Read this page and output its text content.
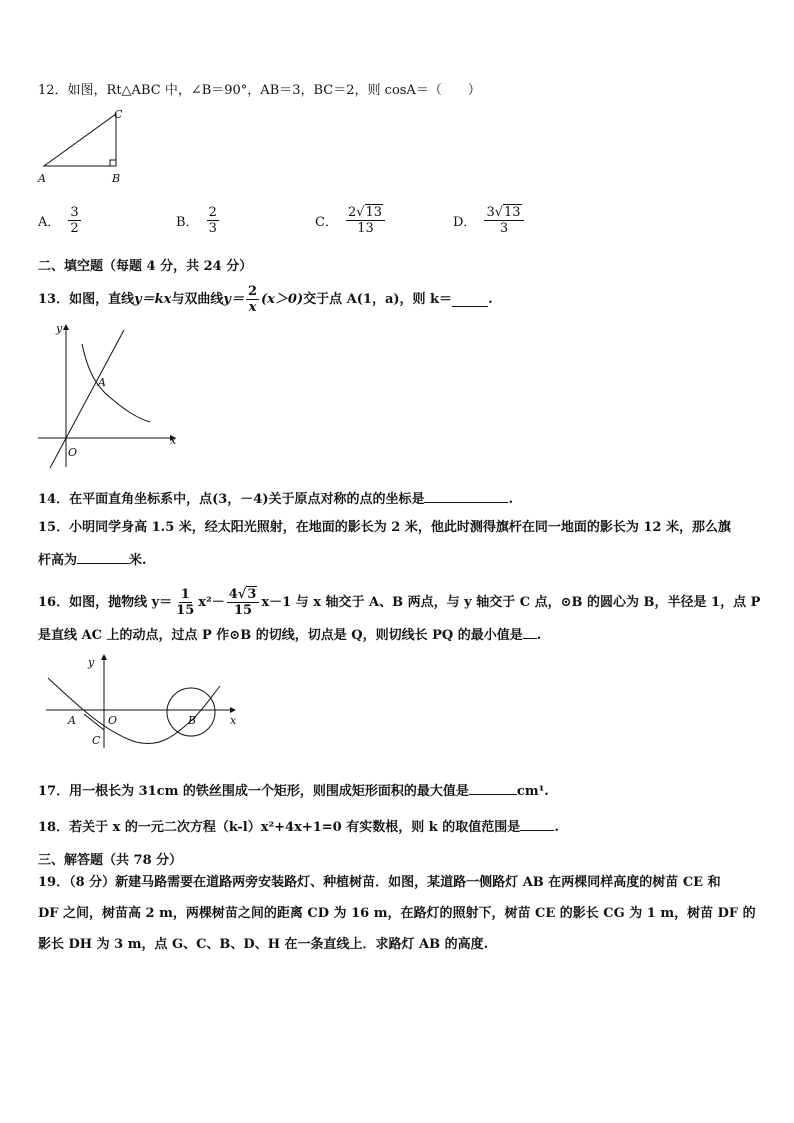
12．如图，Rt△ABC 中，∠B＝90°，AB＝3，BC＝2，则 cosA＝（　　）
C
A	B
A． $\frac{3}{2}$	B． $\frac{2}{3}$	C． $\frac{2√13}{13}$	D． $\frac{3√13}{3}$
二、填空题（每题 4 分，共 24 分）
13．如图，直线 y＝kx 与双曲线 $y= \frac{2}{x} (x>0)$ 交于点 A(1，a)，则 k＝	.
y
x
A
O
14．在平面直角坐标系中，点(3，－4)关于原点对称的点的坐标是	.
15．小明同学身高 1.5 米，经太阳光照射，在地面的影长为 2 米，他此时测得旗杆在同一地面的影长为 12 米，那么旗
杆高为	米.
16．如图，抛物线 $y= \frac{1}{15} x^2- \frac{4√3}{15} x-1$ 与 x 轴交于 A、B 两点，与 y 轴交于 C 点，⊙B 的圆心为 B，半径是 1，点 P
是直线 AC 上的动点，过点 P 作⊙B 的切线，切点是 Q，则切线长 PQ 的最小值是 .
y
x
A	O	B
C
17．用一根长为 31cm 的铁丝围成一个矩形，则围成矩形面积的最大值是	cm¹.
18．若关于 x 的一元二次方程（k-l）x²+4x+1=0 有实数根，则 k 的取值范围是	.
三、解答题（共 78 分）
19．（8 分）新建马路需要在道路两旁安装路灯、种植树苗．如图，某道路一侧路灯 AB 在两棵同样高度的树苗 CE 和
DF 之间，树苗高 2 m，两棵树苗之间的距离 CD 为 16 m，在路灯的照射下，树苗 CE 的影长 CG 为 1 m，树苗 DF 的
影长 DH 为 3 m，点 G、C、B、D、H 在一条直线上．求路灯 AB 的高度.
